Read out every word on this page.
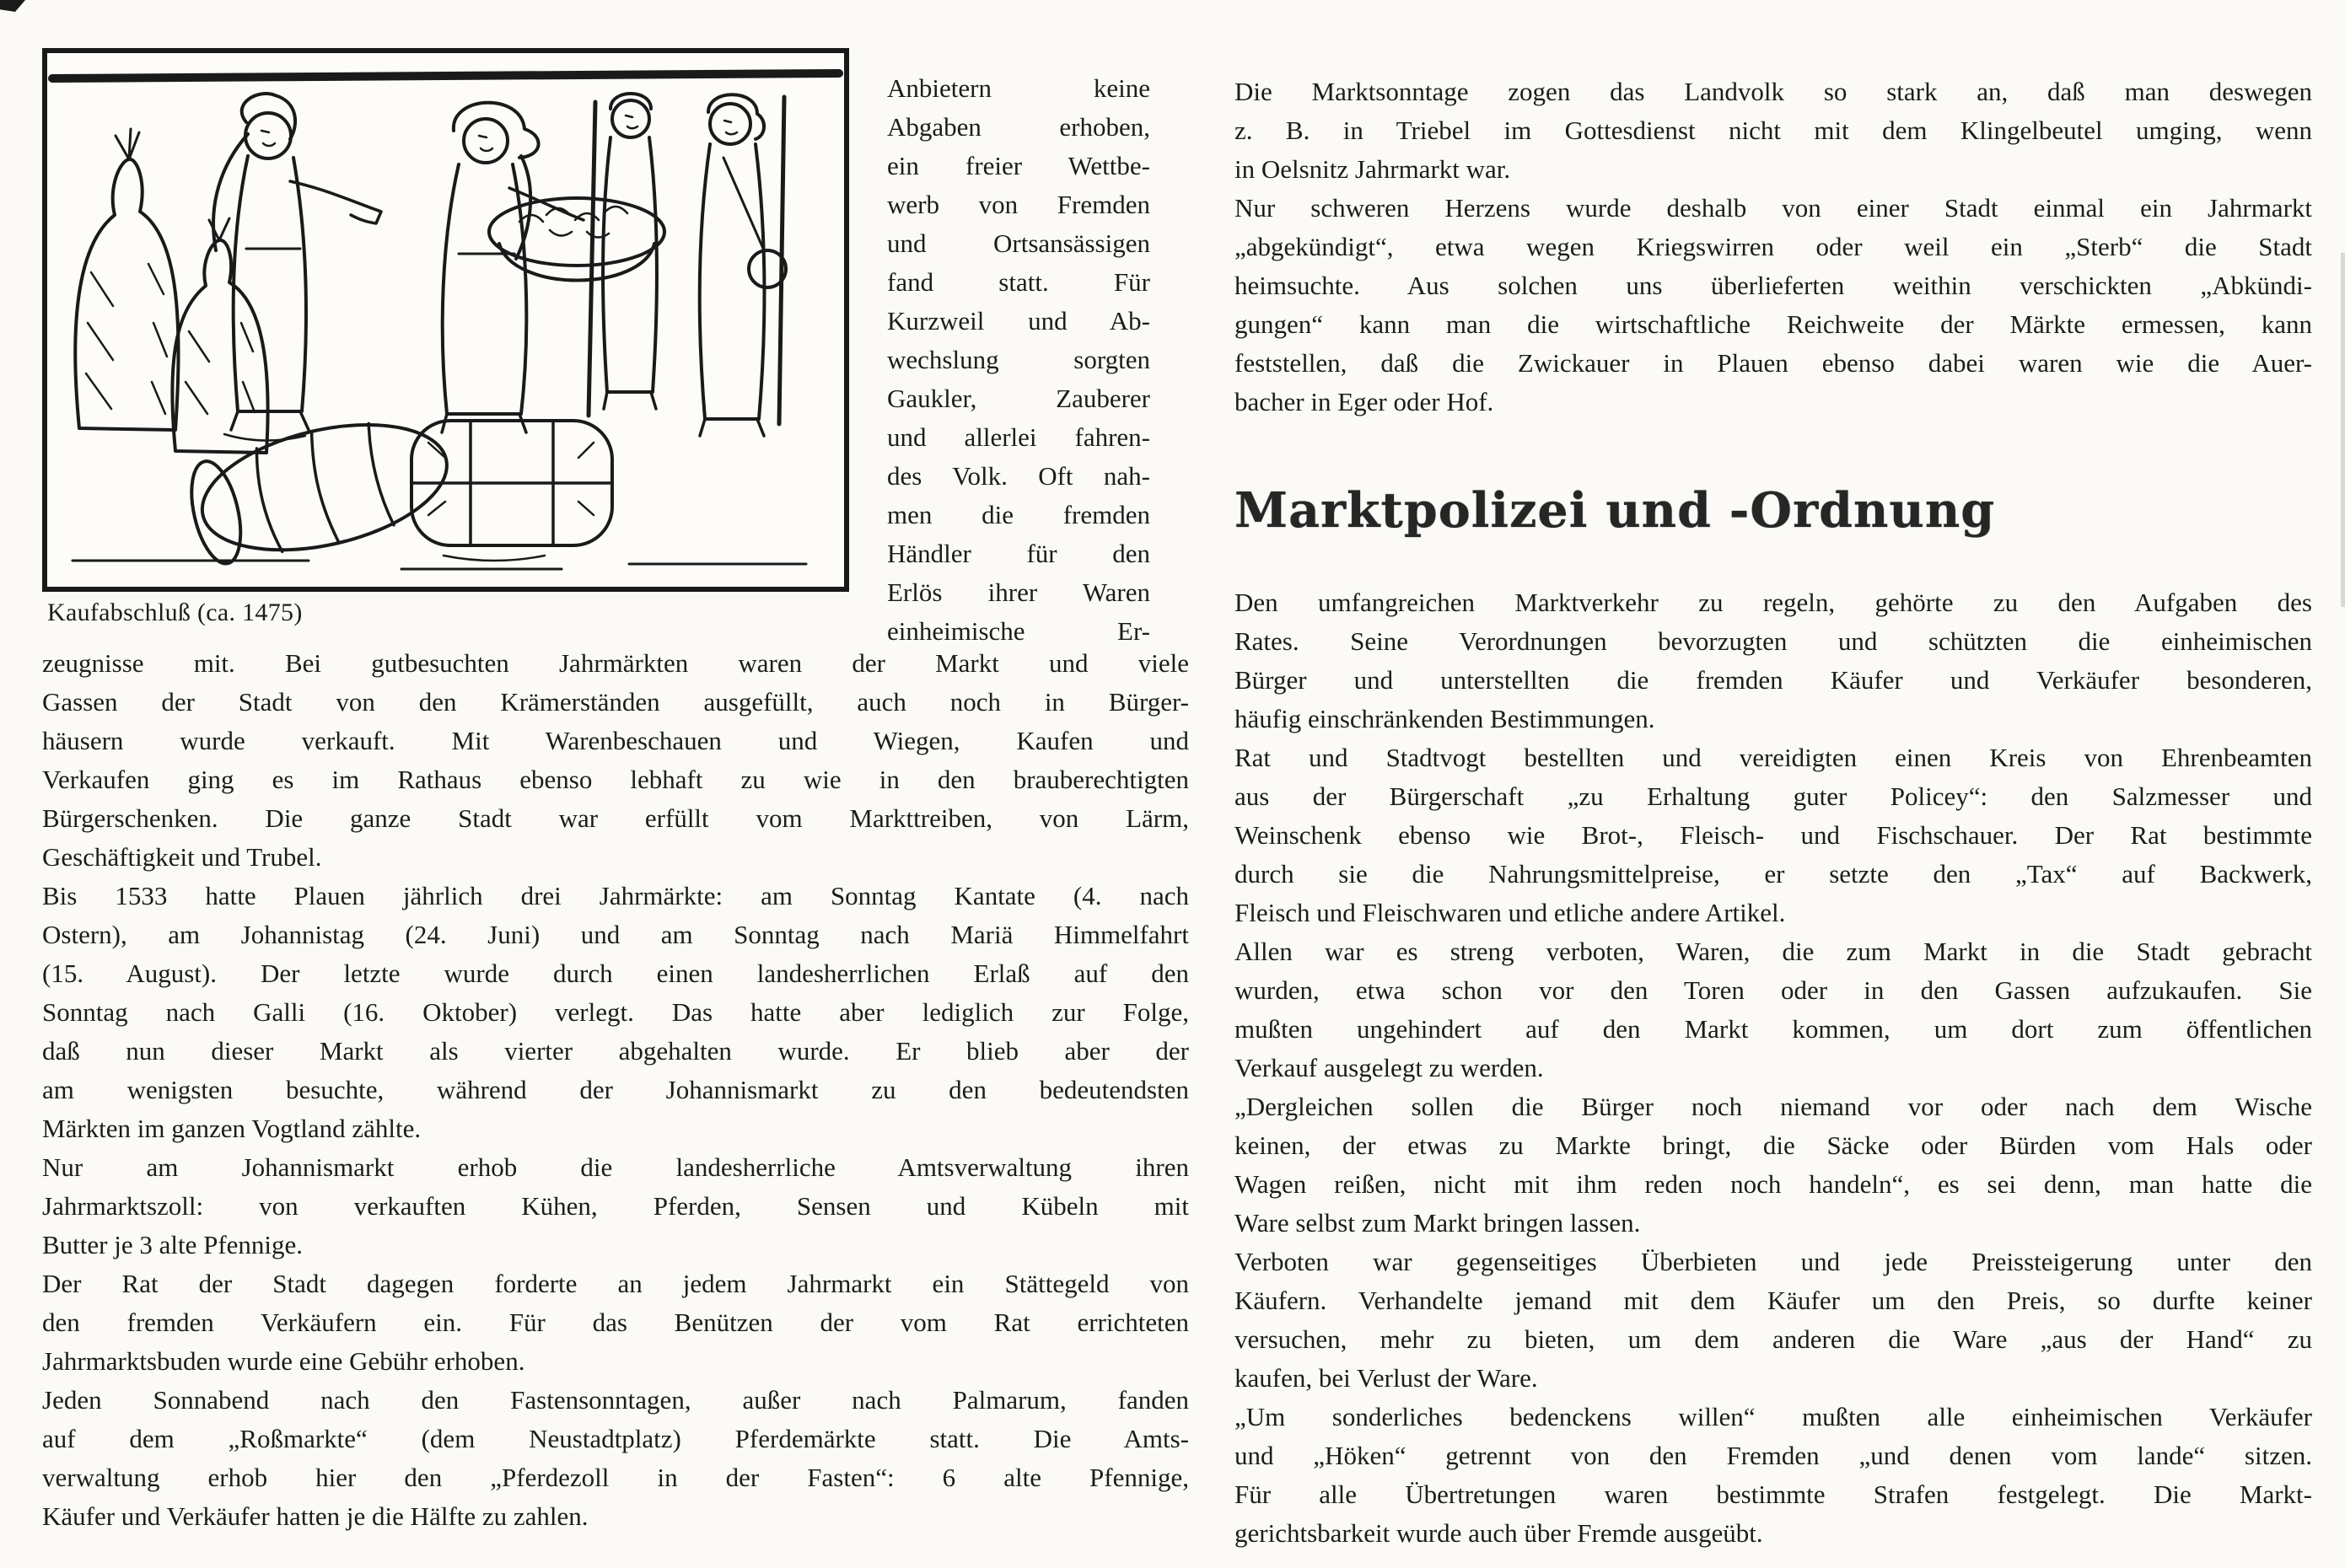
Kaufabschluß (ca. 1475)
Anbietern keine
Abgaben erhoben,
ein freier Wettbe-
werb von Fremden
und Ortsansässigen
fand statt. Für
Kurzweil und Ab-
wechslung sorgten
Gaukler, Zauberer
und allerlei fahren-
des Volk. Oft nah-
men die fremden
Händler für den
Erlös ihrer Waren
einheimische Er-
zeugnisse mit. Bei gutbesuchten Jahrmärkten waren der Markt und viele
Gassen der Stadt von den Krämerständen ausgefüllt, auch noch in Bürger-
häusern wurde verkauft. Mit Warenbeschauen und Wiegen, Kaufen und
Verkaufen ging es im Rathaus ebenso lebhaft zu wie in den brauberechtigten
Bürgerschenken. Die ganze Stadt war erfüllt vom Markttreiben, von Lärm,
Geschäftigkeit und Trubel.
Bis 1533 hatte Plauen jährlich drei Jahrmärkte: am Sonntag Kantate (4. nach
Ostern), am Johannistag (24. Juni) und am Sonntag nach Mariä Himmelfahrt
(15. August). Der letzte wurde durch einen landesherrlichen Erlaß auf den
Sonntag nach Galli (16. Oktober) verlegt. Das hatte aber lediglich zur Folge,
daß nun dieser Markt als vierter abgehalten wurde. Er blieb aber der
am wenigsten besuchte, während der Johannismarkt zu den bedeutendsten
Märkten im ganzen Vogtland zählte.
Nur am Johannismarkt erhob die landesherrliche Amtsverwaltung ihren
Jahrmarktszoll: von verkauften Kühen, Pferden, Sensen und Kübeln mit
Butter je 3 alte Pfennige.
Der Rat der Stadt dagegen forderte an jedem Jahrmarkt ein Stättegeld von
den fremden Verkäufern ein. Für das Benützen der vom Rat errichteten
Jahrmarktsbuden wurde eine Gebühr erhoben.
Jeden Sonnabend nach den Fastensonntagen, außer nach Palmarum, fanden
auf dem „Roßmarkte“ (dem Neustadtplatz) Pferdemärkte statt. Die Amts-
verwaltung erhob hier den „Pferdezoll in der Fasten“: 6 alte Pfennige,
Käufer und Verkäufer hatten je die Hälfte zu zahlen.
Die Marktsonntage zogen das Landvolk so stark an, daß man deswegen
z. B. in Triebel im Gottesdienst nicht mit dem Klingelbeutel umging, wenn
in Oelsnitz Jahrmarkt war.
Nur schweren Herzens wurde deshalb von einer Stadt einmal ein Jahrmarkt
„abgekündigt“, etwa wegen Kriegswirren oder weil ein „Sterb“ die Stadt
heimsuchte. Aus solchen uns überlieferten weithin verschickten „Abkündi-
gungen“ kann man die wirtschaftliche Reichweite der Märkte ermessen, kann
feststellen, daß die Zwickauer in Plauen ebenso dabei waren wie die Auer-
bacher in Eger oder Hof.
Marktpolizei und -Ordnung
Den umfangreichen Marktverkehr zu regeln, gehörte zu den Aufgaben des
Rates. Seine Verordnungen bevorzugten und schützten die einheimischen
Bürger und unterstellten die fremden Käufer und Verkäufer besonderen,
häufig einschränkenden Bestimmungen.
Rat und Stadtvogt bestellten und vereidigten einen Kreis von Ehrenbeamten
aus der Bürgerschaft „zu Erhaltung guter Policey“: den Salzmesser und
Weinschenk ebenso wie Brot-, Fleisch- und Fischschauer. Der Rat bestimmte
durch sie die Nahrungsmittelpreise, er setzte den „Tax“ auf Backwerk,
Fleisch und Fleischwaren und etliche andere Artikel.
Allen war es streng verboten, Waren, die zum Markt in die Stadt gebracht
wurden, etwa schon vor den Toren oder in den Gassen aufzukaufen. Sie
mußten ungehindert auf den Markt kommen, um dort zum öffentlichen
Verkauf ausgelegt zu werden.
„Dergleichen sollen die Bürger noch niemand vor oder nach dem Wische
keinen, der etwas zu Markte bringt, die Säcke oder Bürden vom Hals oder
Wagen reißen, nicht mit ihm reden noch handeln“, es sei denn, man hatte die
Ware selbst zum Markt bringen lassen.
Verboten war gegenseitiges Überbieten und jede Preissteigerung unter den
Käufern. Verhandelte jemand mit dem Käufer um den Preis, so durfte keiner
versuchen, mehr zu bieten, um dem anderen die Ware „aus der Hand“ zu
kaufen, bei Verlust der Ware.
„Um sonderliches bedenckens willen“ mußten alle einheimischen Verkäufer
und „Höken“ getrennt von den Fremden „und denen vom lande“ sitzen.
Für alle Übertretungen waren bestimmte Strafen festgelegt. Die Markt-
gerichtsbarkeit wurde auch über Fremde ausgeübt.
